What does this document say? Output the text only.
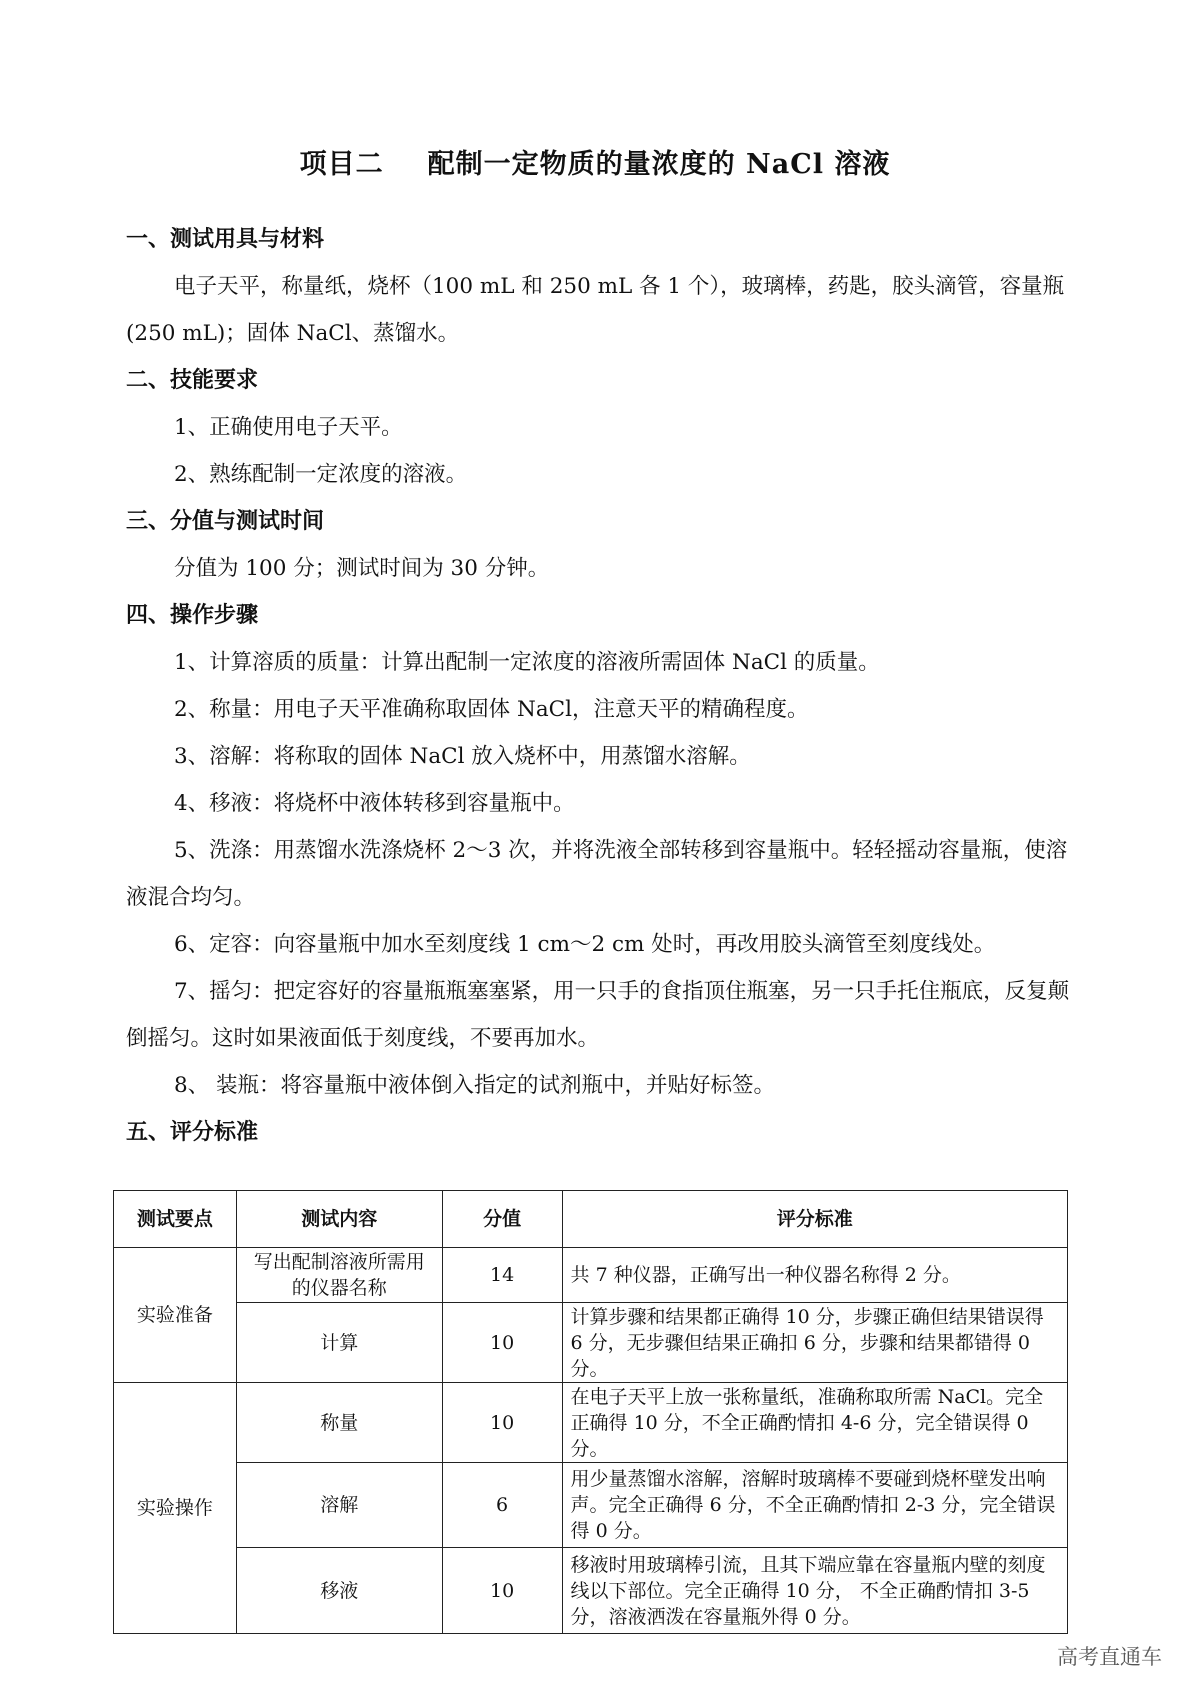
项目二 配制一定物质的量浓度的 NaCl 溶液
一、测试用具与材料
电子天平，称量纸，烧杯（100 mL 和 250 mL 各 1 个），玻璃棒，药匙，胶头滴管，容量瓶(250 mL)；固体 NaCl、蒸馏水。
二、技能要求
1、正确使用电子天平。
2、熟练配制一定浓度的溶液。
三、分值与测试时间
分值为 100 分；测试时间为 30 分钟。
四、操作步骤
1、计算溶质的质量：计算出配制一定浓度的溶液所需固体 NaCl 的质量。
2、称量：用电子天平准确称取固体 NaCl，注意天平的精确程度。
3、溶解：将称取的固体 NaCl 放入烧杯中，用蒸馏水溶解。
4、移液：将烧杯中液体转移到容量瓶中。
5、洗涤：用蒸馏水洗涤烧杯 2～3 次，并将洗液全部转移到容量瓶中。轻轻摇动容量瓶，使溶液混合均匀。
6、定容：向容量瓶中加水至刻度线 1 cm～2 cm 处时，再改用胶头滴管至刻度线处。
7、摇匀：把定容好的容量瓶瓶塞塞紧，用一只手的食指顶住瓶塞，另一只手托住瓶底，反复颠倒摇匀。这时如果液面低于刻度线，不要再加水。
8、 装瓶：将容量瓶中液体倒入指定的试剂瓶中，并贴好标签。
五、评分标准
测试要点	测试内容	分值	评分标准
实验准备	写出配制溶液所需用的仪器名称	14	共 7 种仪器，正确写出一种仪器名称得 2 分。
	计算	10	计算步骤和结果都正确得 10 分，步骤正确但结果错误得 6 分，无步骤但结果正确扣 6 分，步骤和结果都错得 0 分。
实验操作	称量	10	在电子天平上放一张称量纸，准确称取所需 NaCl。完全正确得 10 分，不全正确酌情扣 4-6 分，完全错误得 0 分。
	溶解	6	用少量蒸馏水溶解，溶解时玻璃棒不要碰到烧杯壁发出响声。完全正确得 6 分，不全正确酌情扣 2-3 分，完全错误得 0 分。
	移液	10	移液时用玻璃棒引流，且其下端应靠在容量瓶内壁的刻度线以下部位。完全正确得 10 分， 不全正确酌情扣 3-5 分，溶液洒泼在容量瓶外得 0 分。
高考直通车
